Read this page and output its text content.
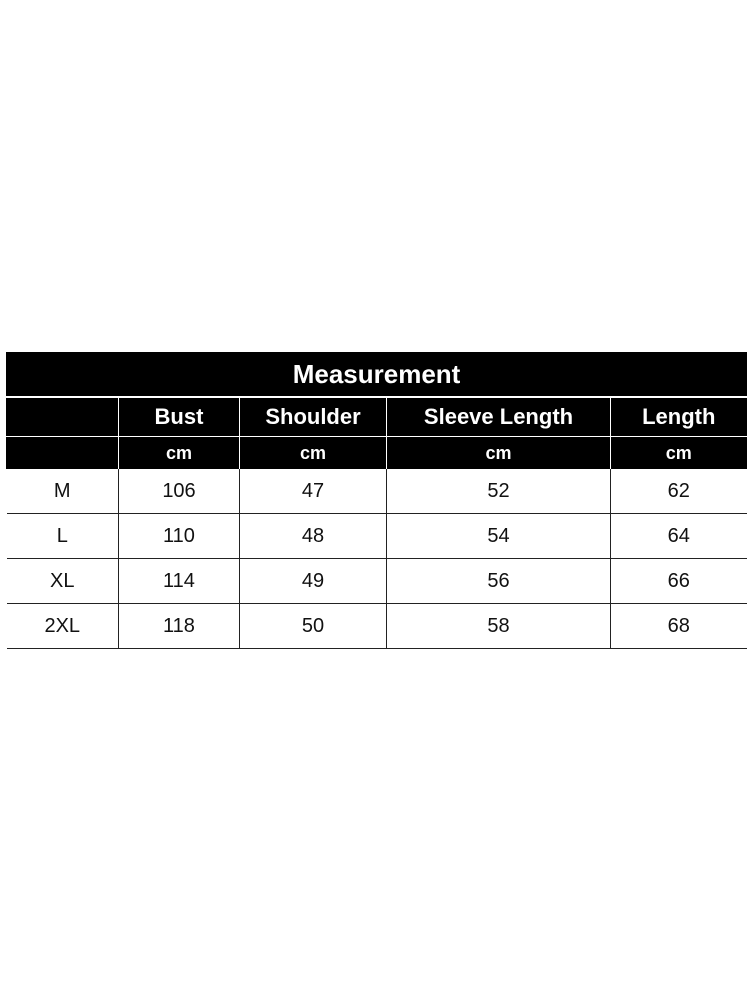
Measurement				
	Bust	Shoulder	Sleeve Length	Length
	cm	cm	cm	cm
M	106	47	52	62
L	110	48	54	64
XL	114	49	56	66
2XL	118	50	58	68
